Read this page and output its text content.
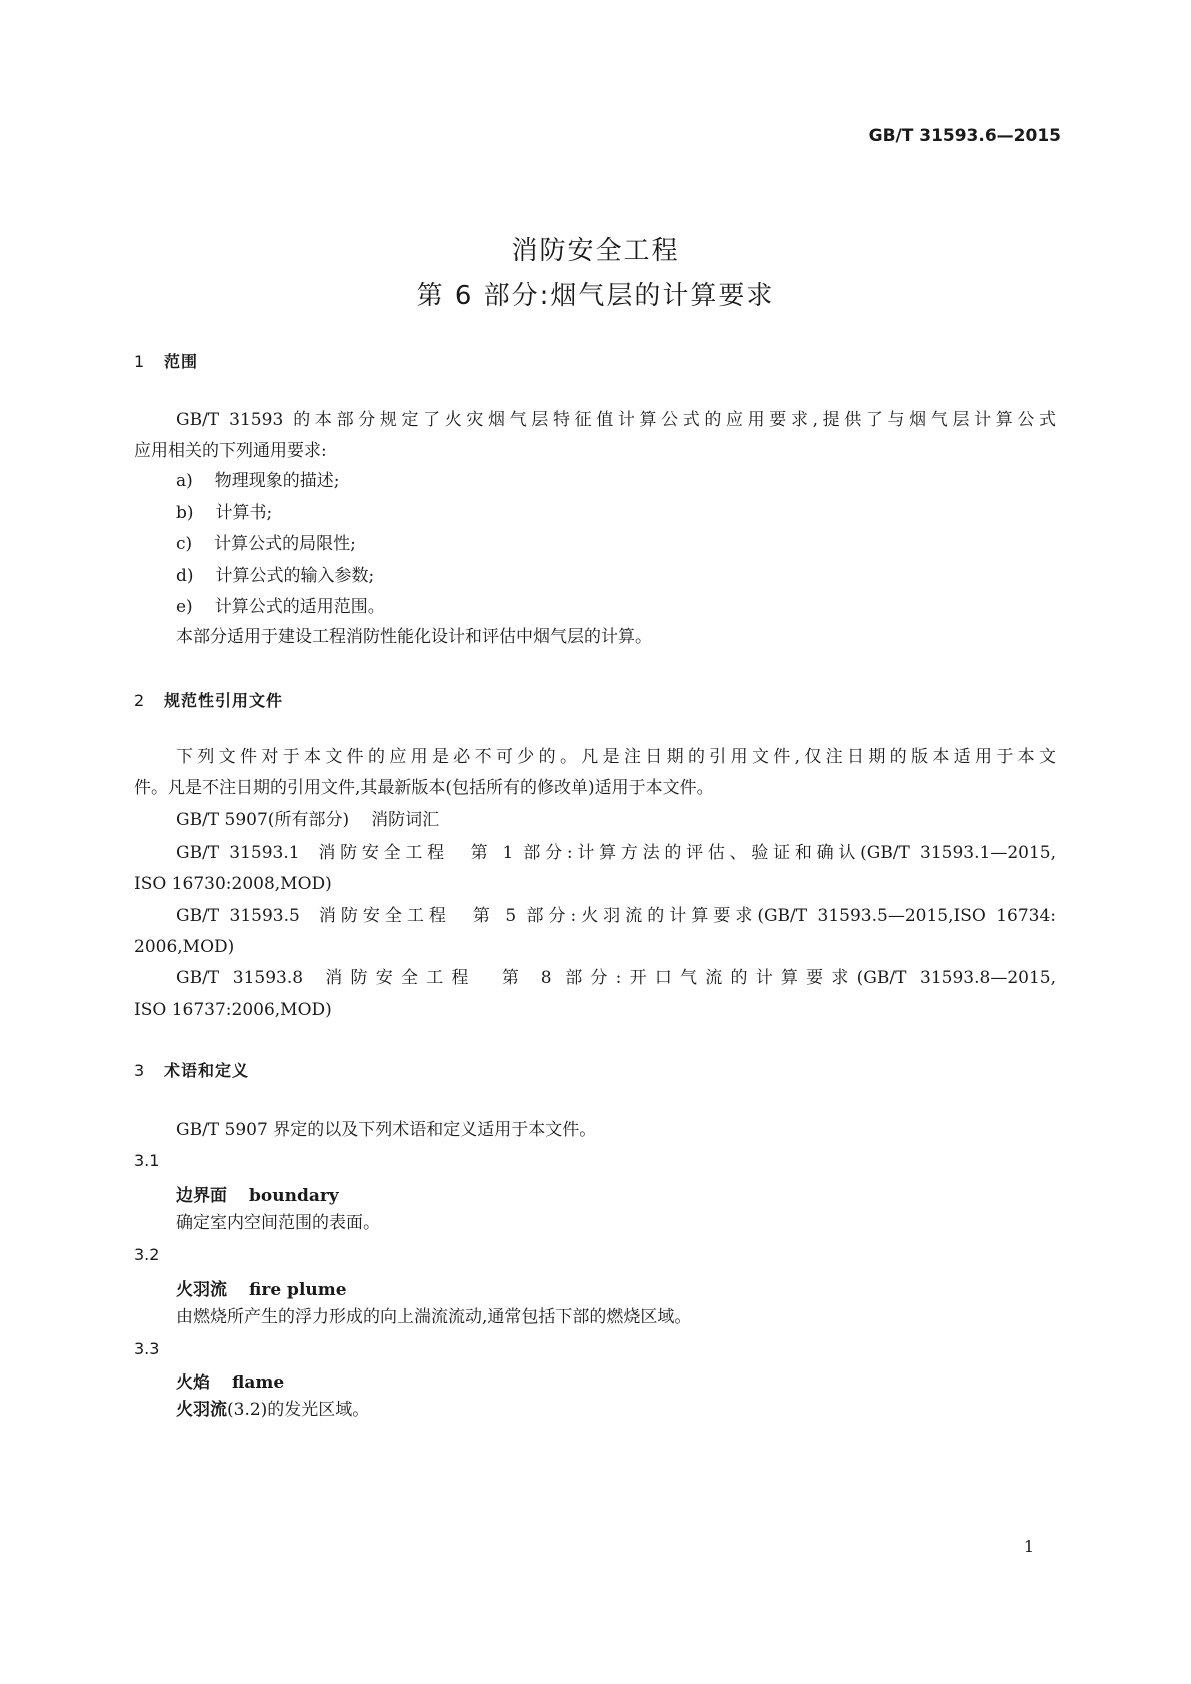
GB/T 31593.6—2015
消防安全工程
第 6 部分:烟气层的计算要求
1 范围
GB/T 31593 的本部分规定了火灾烟气层特征值计算公式的应用要求,提供了与烟气层计算公式
应用相关的下列通用要求:
a) 物理现象的描述;
b) 计算书;
c) 计算公式的局限性;
d) 计算公式的输入参数;
e) 计算公式的适用范围。
本部分适用于建设工程消防性能化设计和评估中烟气层的计算。
2 规范性引用文件
下列文件对于本文件的应用是必不可少的。凡是注日期的引用文件,仅注日期的版本适用于本文
件。凡是不注日期的引用文件,其最新版本(包括所有的修改单)适用于本文件。
GB/T 5907(所有部分) 消防词汇
GB/T 31593.1 消防安全工程　第 1 部分:计算方法的评估、验证和确认(GB/T 31593.1—2015,
ISO 16730:2008,MOD)
GB/T 31593.5 消防安全工程　第 5 部分:火羽流的计算要求(GB/T 31593.5—2015,ISO 16734:
2006,MOD)
GB/T 31593.8 消防安全工程　第 8 部分:开口气流的计算要求(GB/T 31593.8—2015,
ISO 16737:2006,MOD)
3 术语和定义
GB/T 5907 界定的以及下列术语和定义适用于本文件。
3.1
边界面 boundary
确定室内空间范围的表面。
3.2
火羽流 fire plume
由燃烧所产生的浮力形成的向上湍流流动,通常包括下部的燃烧区域。
3.3
火焰 flame
火羽流(3.2)的发光区域。
1
